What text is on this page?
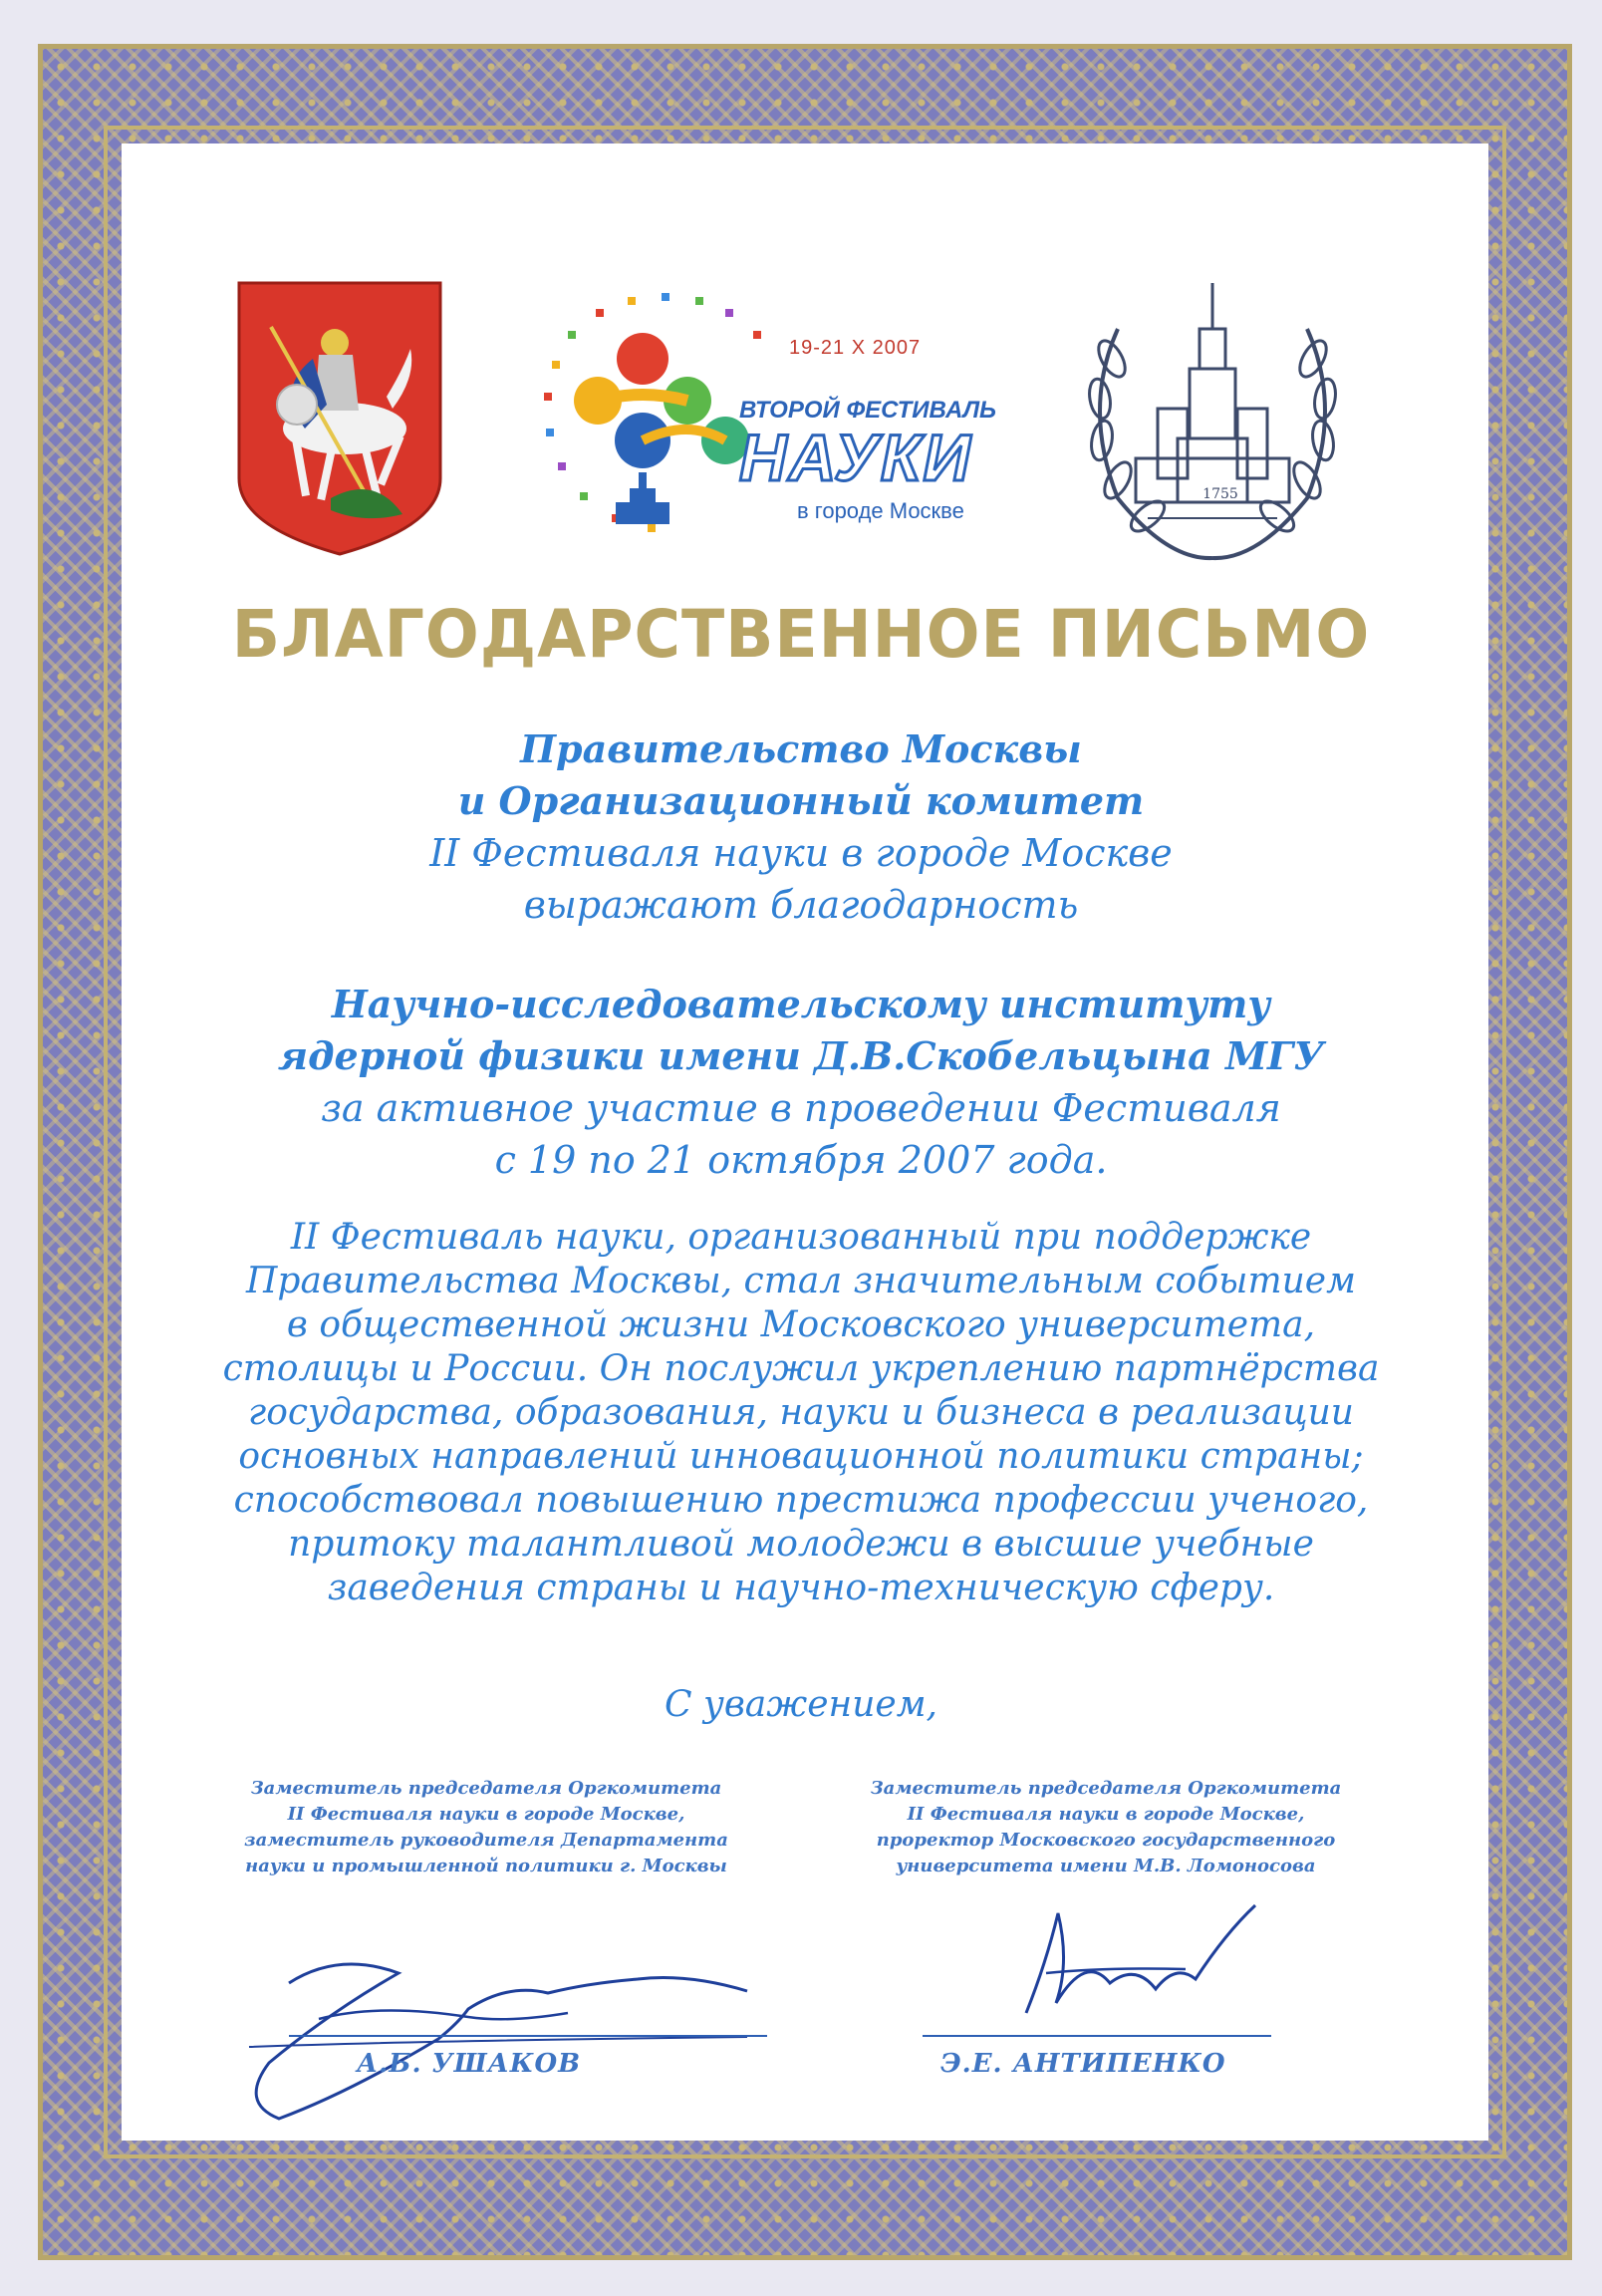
19-21 X 2007
ВТОРОЙ ФЕСТИВАЛЬ
НАУКИ
в городе Москве
1755
БЛАГОДАРСТВЕННОЕ ПИСЬМО
Правительство Москвы
и Организационный комитет
II Фестиваля науки в городе Москве
выражают благодарность
Научно-исследовательскому институту
ядерной физики имени Д.В.Скобельцына МГУ
за активное участие в проведении Фестиваля
с 19 по 21 октября 2007 года.
II Фестиваль науки, организованный при поддержке
Правительства Москвы, стал значительным событием
в общественной жизни Московского университета,
столицы и России. Он послужил укреплению партнёрства
государства, образования, науки и бизнеса в реализации
основных направлений инновационной политики страны;
способствовал повышению престижа профессии ученого,
притоку талантливой молодежи в высшие учебные
заведения страны и научно-техническую сферу.
С уважением,
Заместитель председателя Оргкомитета
II Фестиваля науки в городе Москве,
заместитель руководителя Департамента
науки и промышленной политики г. Москвы
Заместитель председателя Оргкомитета
II Фестиваля науки в городе Москве,
проректор Московского государственного
университета имени М.В. Ломоносова
А.Б. УШАКОВ	Э.Е. АНТИПЕНКО
